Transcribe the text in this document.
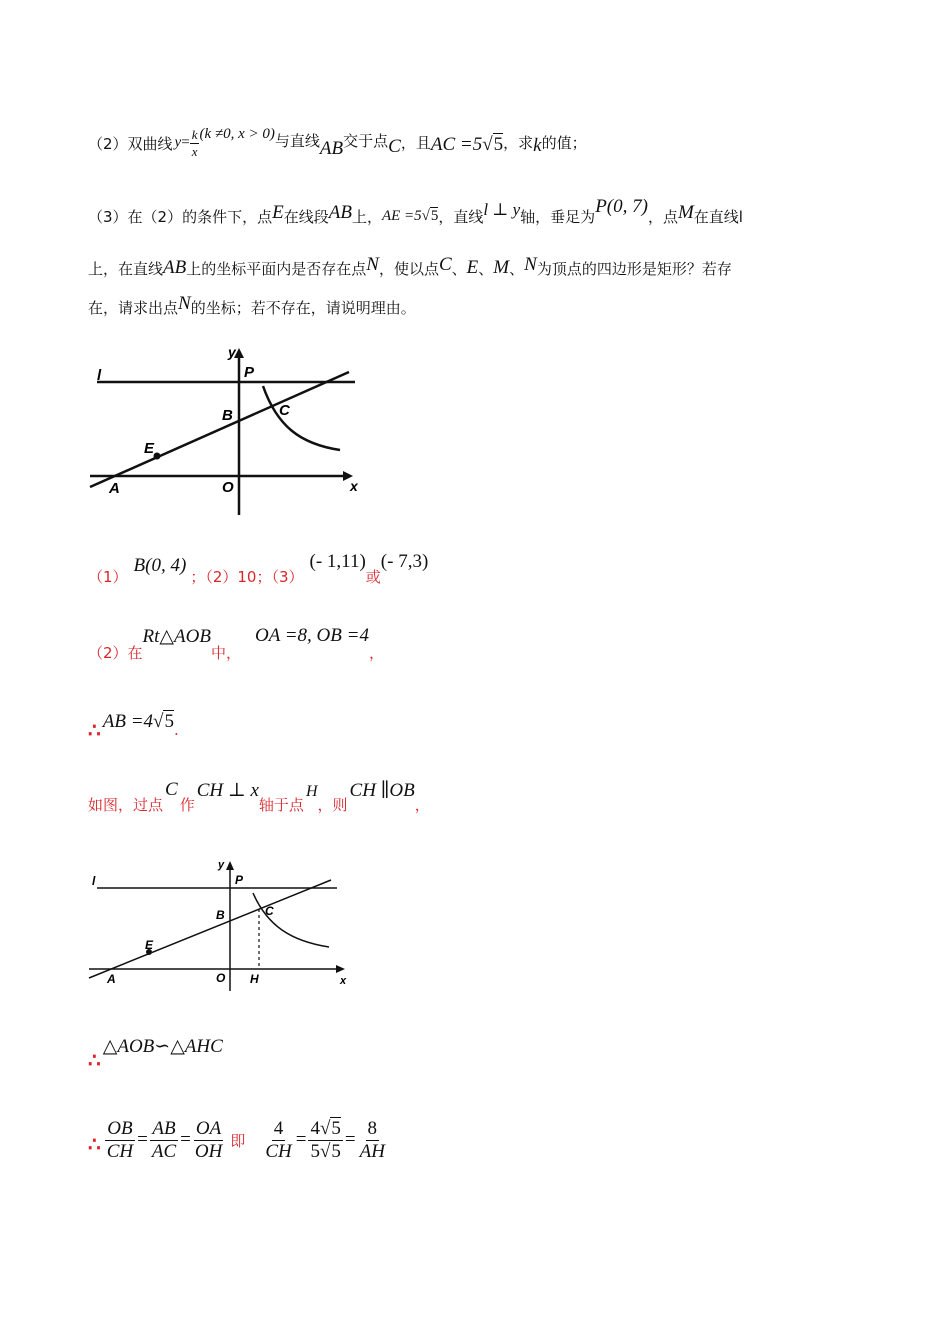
（2）双曲线 $y= \frac{k}{x} (k \ne 0$, x > 0) 与直线 AB 交于点 C ，且 AC =5√5 ，求 k 的值；
（3）在（2）的条件下，点 E 在线段 AB 上， AE =5√5 ，直线 l ⊥ y 轴，垂足为 P(0, 7) ，点 M 在直线l
上，在直线 AB 上的坐标平面内是否存在点 N ，使以点 C 、 E 、 M 、 N 为顶点的四边形是矩形？若存
在，请求出点 N 的坐标；若不存在，请说明理由。
y
l	P
B	C
E
A	O	x
（1）
B(0, 4)
；（2）10；（3）
(- 1,11)
或
(- 7,3)
（2）在
Rt△AOB
中，
OA =8, OB =4
，
∴ AB =4√5 .
如图，过点
C
作
CH ⊥ x
轴于点
H
，则
CH ∥OB
，
y
l	P
B	C
E
A	O H	x
∴
△AOB∽△AHC
∴ $\frac{OB}{CH} = \frac{AB}{AC} = \frac{OA}{OH}$ 即 $\frac{4}{CH} = \frac{4√5}{5√5} = \frac{8}{AH}$
